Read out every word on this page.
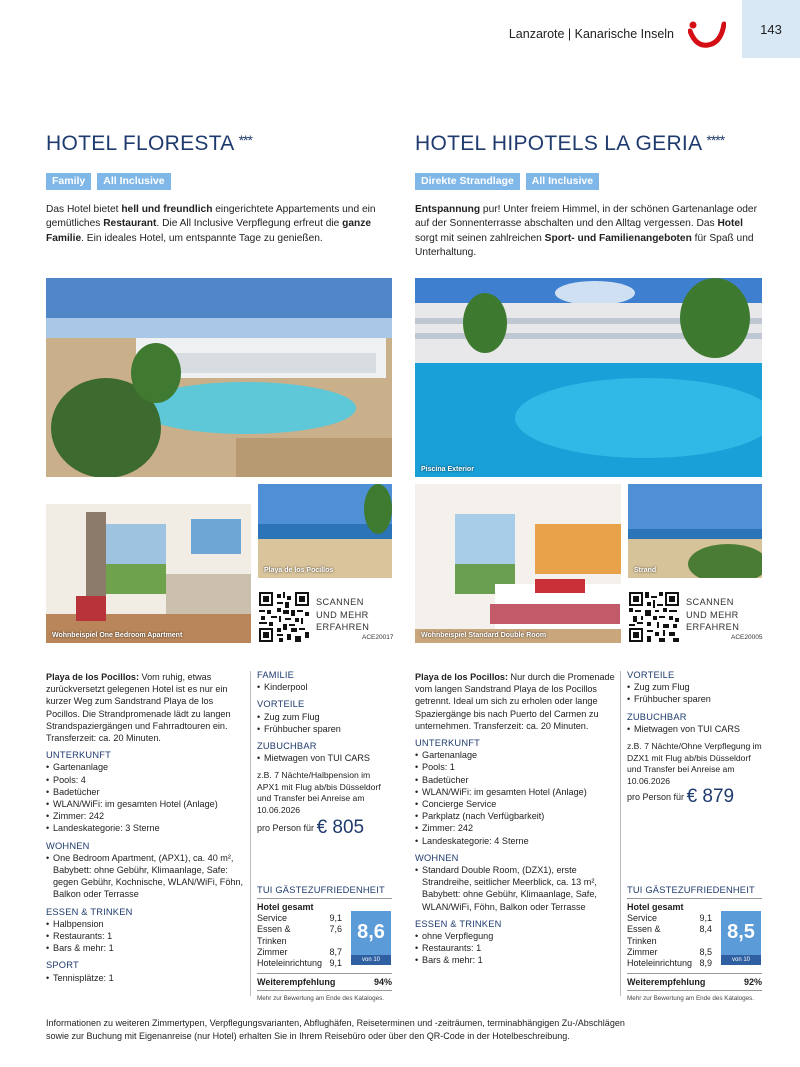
Lanzarote | Kanarische Inseln	143
HOTEL FLORESTA ***
Family All Inclusive
Das Hotel bietet hell und freundlich eingerichtete Appartements und ein gemütliches Restaurant. Die All Inclusive Verpflegung erfreut die ganze Familie. Ein ideales Hotel, um entspannte Tage zu genießen.
HOTEL HIPOTELS LA GERIA ****
Direkte Strandlage All Inclusive
Entspannung pur! Unter freiem Himmel, in der schönen Gartenanlage oder auf der Sonnenterrasse abschalten und den Alltag vergessen. Das Hotel sorgt mit seinen zahlreichen Sport- und Familienangeboten für Spaß und Unterhaltung.
Wohnbeispiel One Bedroom Apartment
Playa de los Pocillos
SCANNEN
UND MEHR
ERFAHREN
ACE20017
Piscina Exterior
Wohnbeispiel Standard Double Room
Strand
SCANNEN
UND MEHR
ERFAHREN
ACE20005

Playa de los Pocillos: Vom ruhig, etwas zurückversetzt gelegenen Hotel ist es nur ein kurzer Weg zum Sandstrand Playa de los Pocillos. Die Strandpromenade lädt zu langen Strandspaziergängen und Fahrradtouren ein. Transferzeit: ca. 20 Minuten.

UNTERKUNFT
• Gartenanlage
• Pools: 4
• Badetücher
• WLAN/WiFi: im gesamten Hotel (Anlage)
• Zimmer: 242
• Landeskategorie: 3 Sterne
WOHNEN
• One Bedroom Apartment, (APX1), ca. 40 m², Babybett: ohne Gebühr, Klimaanlage, Safe: gegen Gebühr, Kochnische, WLAN/WiFi, Föhn, Balkon oder Terrasse
ESSEN & TRINKEN
• Halbpension
• Restaurants: 1
• Bars & mehr: 1
SPORT
• Tennisplätze: 1
FAMILIE
• Kinderpool
VORTEILE
• Zug zum Flug
• Frühbucher sparen
ZUBUCHBAR
• Mietwagen von TUI CARS

z.B. 7 Nächte/Halbpension im APX1 mit Flug ab/bis Düsseldorf und Transfer bei Anreise am 10.06.2026

pro Person für € 805

TUI GÄSTEZUFRIEDENHEIT
Hotel gesamt
Service	9,1
Essen & Trinken
7,6
Zimmer	8,7
Hoteleinrichtung 9,1
8,6
von 10
Weiterempfehlung	94%
Mehr zur Bewertung am Ende des Kataloges.

Playa de los Pocillos: Nur durch die Promenade vom langen Sandstrand Playa de los Pocillos getrennt. Ideal um sich zu erholen oder lange Spaziergänge bis nach Puerto del Carmen zu unternehmen. Transferzeit: ca. 20 Minuten.

UNTERKUNFT
• Gartenanlage
• Pools: 1
• Badetücher
• WLAN/WiFi: im gesamten Hotel (Anlage)
• Concierge Service
• Parkplatz (nach Verfügbarkeit)
• Zimmer: 242
• Landeskategorie: 4 Sterne
WOHNEN
• Standard Double Room, (DZX1), erste Strandreihe, seitlicher Meerblick, ca. 13 m², Babybett: ohne Gebühr, Klimaanlage, Safe, WLAN/WiFi, Föhn, Balkon oder Terrasse
ESSEN & TRINKEN
• ohne Verpflegung
• Restaurants: 1
• Bars & mehr: 1
VORTEILE
• Zug zum Flug
• Frühbucher sparen
ZUBUCHBAR
• Mietwagen von TUI CARS

z.B. 7 Nächte/Ohne Verpflegung im DZX1 mit Flug ab/bis Düsseldorf und Transfer bei Anreise am 10.06.2026

pro Person für € 879

TUI GÄSTEZUFRIEDENHEIT
Hotel gesamt
Service	9,1
Essen & Trinken
8,4
Zimmer	8,5
Hoteleinrichtung 8,9
8,5
von 10
Weiterempfehlung	92%
Mehr zur Bewertung am Ende des Kataloges.
Informationen zu weiteren Zimmertypen, Verpflegungsvarianten, Abflughäfen, Reiseterminen und -zeiträumen, terminabhängigen Zu-/Abschlägen sowie zur Buchung mit Eigenanreise (nur Hotel) erhalten Sie in Ihrem Reisebüro oder über den QR-Code in der Hotelbeschreibung.
